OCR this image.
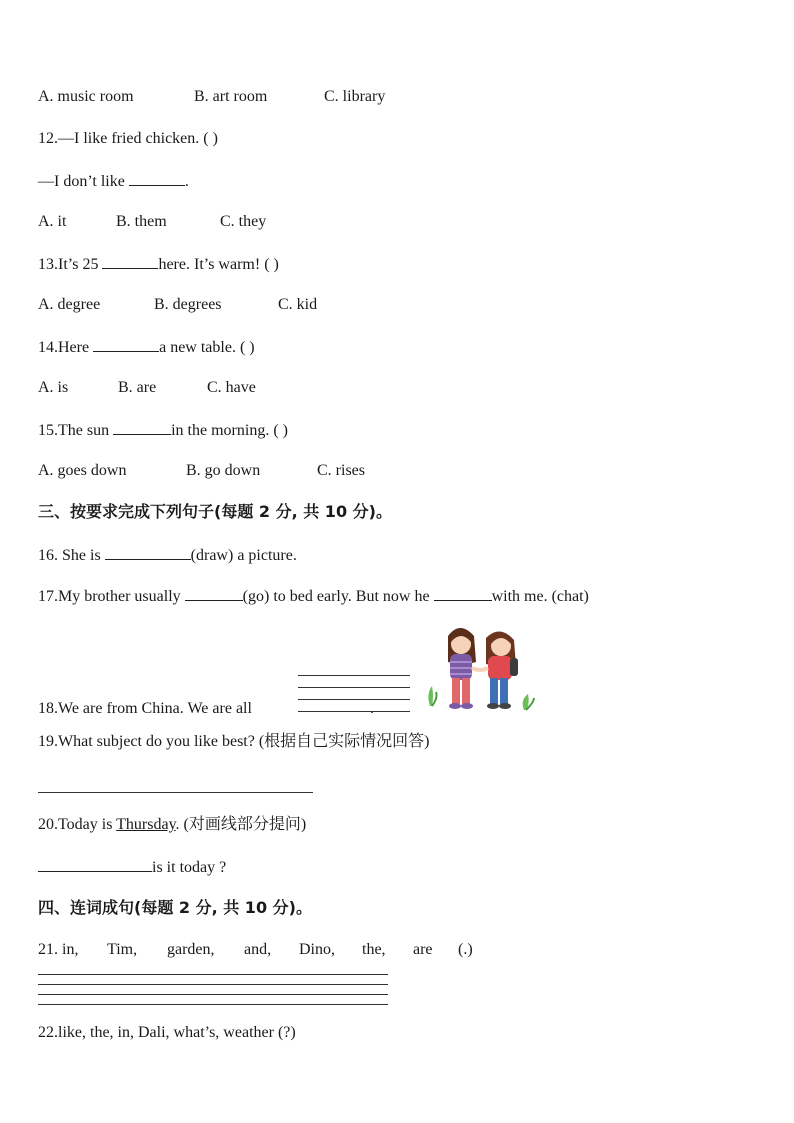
A. music room	B. art room	C. library
12.—I like fried chicken. ( )
—I don’t like	.
A. it	B. them	C. they
13.It’s 25	here. It’s warm! ( )
A. degree	B. degrees	C. kid
14.Here	a new table. ( )
A. is	B. are	C. have
15.The sun	in the morning. ( )
A. goes down	B. go down	C. rises
三、按要求完成下列句子(每题 2 分, 共 10 分)。
16. She is	(draw) a picture.
17.My brother usually	(go) to bed early. But now he	with me. (chat)
18.We are from China. We are all	.
19.What subject do you like best? (根据自己实际情况回答)
20.Today is Thursday. (对画线部分提问)
is it today ?
四、连词成句(每题 2 分, 共 10 分)。
21. in, Tim, garden, and, Dino, the, are (.)
22.like, the, in, Dali, what’s, weather (?)
